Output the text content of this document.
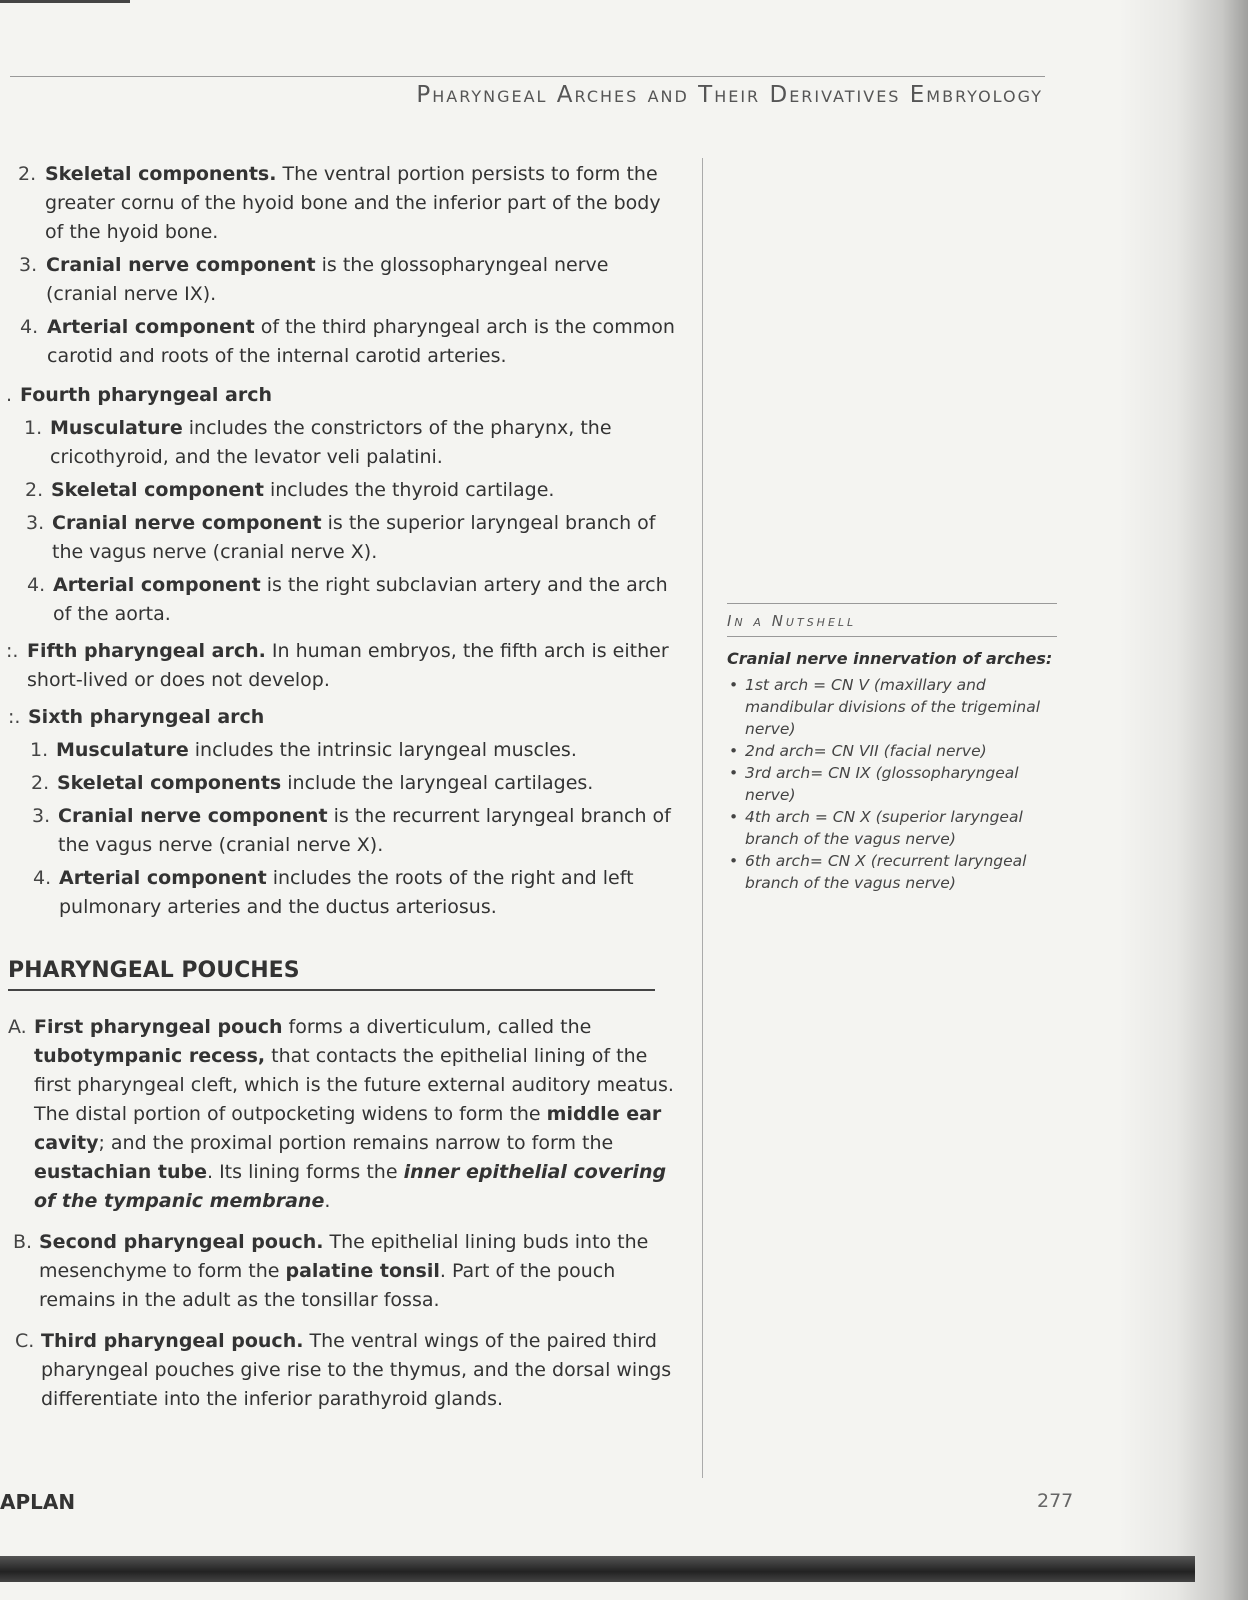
Pharyngeal Arches and Their Derivatives Embryology
2. Skeletal components. The ventral portion persists to form the greater cornu of the hyoid bone and the inferior part of the body of the hyoid bone.
3. Cranial nerve component is the glossopharyngeal nerve (cranial nerve IX).
4. Arterial component of the third pharyngeal arch is the common carotid and roots of the internal carotid arteries.
. Fourth pharyngeal arch
1. Musculature includes the constrictors of the pharynx, the cricothyroid, and the levator veli palatini.
2. Skeletal component includes the thyroid cartilage.
3. Cranial nerve component is the superior laryngeal branch of the vagus nerve (cranial nerve X).
4. Arterial component is the right subclavian artery and the arch of the aorta.
:. Fifth pharyngeal arch. In human embryos, the fifth arch is either short-lived or does not develop.
:. Sixth pharyngeal arch
1. Musculature includes the intrinsic laryngeal muscles.
2. Skeletal components include the laryngeal cartilages.
3. Cranial nerve component is the recurrent laryngeal branch of the vagus nerve (cranial nerve X).
4. Arterial component includes the roots of the right and left pulmonary arteries and the ductus arteriosus.
PHARYNGEAL POUCHES
A. First pharyngeal pouch forms a diverticulum, called the tubotympanic recess, that contacts the epithelial lining of the first pharyngeal cleft, which is the future external auditory meatus. The distal portion of outpocketing widens to form the middle ear cavity; and the proximal portion remains narrow to form the eustachian tube. Its lining forms the inner epithelial covering of the tympanic membrane.
B. Second pharyngeal pouch. The epithelial lining buds into the mesenchyme to form the palatine tonsil. Part of the pouch remains in the adult as the tonsillar fossa.
C. Third pharyngeal pouch. The ventral wings of the paired third pharyngeal pouches give rise to the thymus, and the dorsal wings differentiate into the inferior parathyroid glands.
In a Nutshell
Cranial nerve innervation of arches:
• 1st arch = CN V (maxillary and mandibular divisions of the trigeminal nerve)
• 2nd arch= CN VII (facial nerve)
• 3rd arch= CN IX (glossopharyngeal nerve)
• 4th arch = CN X (superior laryngeal branch of the vagus nerve)
• 6th arch= CN X (recurrent laryngeal branch of the vagus nerve)
APLAN	277
